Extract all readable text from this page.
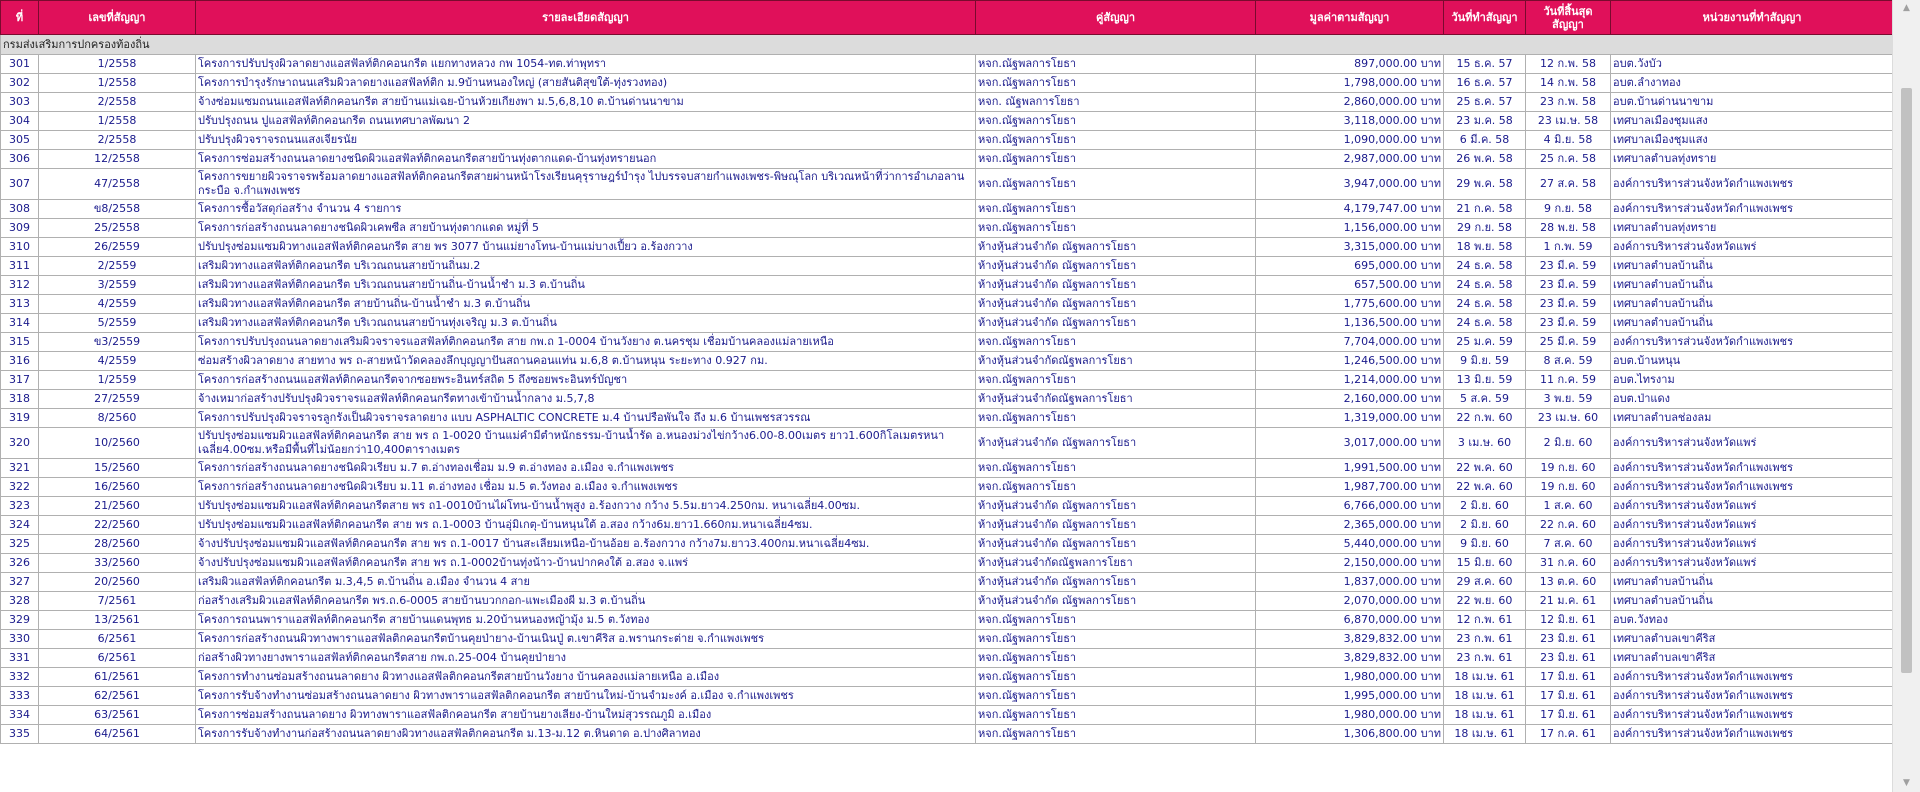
ที่	เลขที่สัญญา	รายละเอียดสัญญา	คู่สัญญา	มูลค่าตามสัญญา	วันที่ทำสัญญา	วันที่สิ้นสุดสัญญา	หน่วยงานที่ทำสัญญา
กรมส่งเสริมการปกครองท้องถิ่น							
301	1/2558	โครงการปรับปรุงผิวลาดยางแอสฟัลท์ติกคอนกรีต แยกทางหลวง กพ 1054-ทต.ท่าพุทรา	หจก.ณัฐพลการโยธา	897,000.00 บาท	15 ธ.ค. 57	12 ก.พ. 58	อบต.วังบัว
302	1/2558	โครงการบำรุงรักษาถนนเสริมผิวลาดยางแอสฟัลท์ติก ม.9บ้านหนองใหญ่ (สายสันติสุขใต้-ทุ่งรวงทอง)	หจก.ณัฐพลการโยธา	1,798,000.00 บาท	16 ธ.ค. 57	14 ก.พ. 58	อบต.ลำงาทอง
303	2/2558	จ้างซ่อมแซมถนนแอสฟัลท์ติกคอนกรีต สายบ้านแม่เฉย-บ้านห้วยเกียงพา ม.5,6,8,10 ต.บ้านด่านนาขาม	หจก. ณัฐพลการโยธา	2,860,000.00 บาท	25 ธ.ค. 57	23 ก.พ. 58	อบต.บ้านด่านนาขาม
304	1/2558	ปรับปรุงถนน ปูแอสฟัลท์ติกคอนกรีต ถนนเทศบาลพัฒนา 2	หจก.ณัฐพลการโยธา	3,118,000.00 บาท	23 ม.ค. 58	23 เม.ษ. 58	เทศบาลเมืองชุมแสง
305	2/2558	ปรับปรุงผิวจราจรถนนแสงเจียรนัย	หจก.ณัฐพลการโยธา	1,090,000.00 บาท	6 มี.ค. 58	4 มิ.ย. 58	เทศบาลเมืองชุมแสง
306	12/2558	โครงการซ่อมสร้างถนนลาดยางชนิดผิวแอสฟัลท์ติกคอนกรีตสายบ้านทุ่งตากแดด-บ้านทุ่งทรายนอก	หจก.ณัฐพลการโยธา	2,987,000.00 บาท	26 พ.ค. 58	25 ก.ค. 58	เทศบาลตำบลทุ่งทราย
307	47/2558	โครงการขยายผิวจราจรพร้อมลาดยางแอสฟัลท์ติกคอนกรีตสายผ่านหน้าโรงเรียนคุรุราษฎร์บำรุง ไปบรรจบสายกำแพงเพชร-พิษณุโลก บริเวณหน้าที่ว่าการอำเภอลานกระบือ จ.กำแพงเพชร	หจก.ณัฐพลการโยธา	3,947,000.00 บาท	29 พ.ค. 58	27 ส.ค. 58	องค์การบริหารส่วนจังหวัดกำแพงเพชร
308	ข8/2558	โครงการซื้อวัสดุก่อสร้าง จำนวน 4 รายการ	หจก.ณัฐพลการโยธา	4,179,747.00 บาท	21 ก.ค. 58	9 ก.ย. 58	องค์การบริหารส่วนจังหวัดกำแพงเพชร
309	25/2558	โครงการก่อสร้างถนนลาดยางชนิดผิวเคพซีล สายบ้านทุ่งตากแดด หมู่ที่ 5	หจก.ณัฐพลการโยธา	1,156,000.00 บาท	29 ก.ย. 58	28 พ.ย. 58	เทศบาลตำบลทุ่งทราย
310	26/2559	ปรับปรุงซ่อมแซมผิวทางแอสฟัลท์ติกคอนกรีต สาย พร 3077 บ้านแม่ยางโทน-บ้านแม่บางเปี้ยว อ.ร้องกวาง	ห้างหุ้นส่วนจำกัด ณัฐพลการโยธา	3,315,000.00 บาท	18 พ.ย. 58	1 ก.พ. 59	องค์การบริหารส่วนจังหวัดแพร่
311	2/2559	เสริมผิวทางแอสฟัลท์ติกคอนกรีต บริเวณถนนสายบ้านถิ่นม.2	ห้างหุ้นส่วนจำกัด ณัฐพลการโยธา	695,000.00 บาท	24 ธ.ค. 58	23 มี.ค. 59	เทศบาลตำบลบ้านถิ่น
312	3/2559	เสริมผิวทางแอสฟัลท์ติกคอนกรีต บริเวณถนนสายบ้านถิ่น-บ้านน้ำชำ ม.3 ต.บ้านถิ่น	ห้างหุ้นส่วนจำกัด ณัฐพลการโยธา	657,500.00 บาท	24 ธ.ค. 58	23 มี.ค. 59	เทศบาลตำบลบ้านถิ่น
313	4/2559	เสริมผิวทางแอสฟัลท์ติกคอนกรีต สายบ้านถิ่น-บ้านน้ำชำ ม.3 ต.บ้านถิ่น	ห้างหุ้นส่วนจำกัด ณัฐพลการโยธา	1,775,600.00 บาท	24 ธ.ค. 58	23 มี.ค. 59	เทศบาลตำบลบ้านถิ่น
314	5/2559	เสริมผิวทางแอสฟัลท์ติกคอนกรีต บริเวณถนนสายบ้านทุ่งเจริญ ม.3 ต.บ้านถิ่น	ห้างหุ้นส่วนจำกัด ณัฐพลการโยธา	1,136,500.00 บาท	24 ธ.ค. 58	23 มี.ค. 59	เทศบาลตำบลบ้านถิ่น
315	ข3/2559	โครงการปรับปรุงถนนลาดยางเสริมผิวจราจรแอสฟัลท์ติกคอนกรีต สาย กพ.ถ 1-0004 บ้านวังยาง ต.นครชุม เชื่อมบ้านคลองแม่ลายเหนือ	หจก.ณัฐพลการโยธา	7,704,000.00 บาท	25 ม.ค. 59	25 มี.ค. 59	องค์การบริหารส่วนจังหวัดกำแพงเพชร
316	4/2559	ซ่อมสร้างผิวลาดยาง สายทาง พร ถ-สายหน้าวัดคลองลึกบุญญาปันสถานคอนแท่น ม.6,8 ต.บ้านหนุน ระยะทาง 0.927 กม.	ห้างหุ้นส่วนจำกัดณัฐพลการโยธา	1,246,500.00 บาท	9 มิ.ย. 59	8 ส.ค. 59	อบต.บ้านหนุน
317	1/2559	โครงการก่อสร้างถนนแอสฟัลท์ติกคอนกรีตจากซอยพระอินทร์สถิต 5 ถึงซอยพระอินทร์บัญชา	หจก.ณัฐพลการโยธา	1,214,000.00 บาท	13 มิ.ย. 59	11 ก.ค. 59	อบต.ไทรงาม
318	27/2559	จ้างเหมาก่อสร้างปรับปรุงผิวจราจรแอสฟัลท์ติกคอนกรีตทางเข้าบ้านน้ำกลาง ม.5,7,8	ห้างหุ้นส่วนจำกัดณัฐพลการโยธา	2,160,000.00 บาท	5 ส.ค. 59	3 พ.ย. 59	อบต.ป่าแดง
319	8/2560	โครงการปรับปรุงผิวจราจรลูกรังเป็นผิวจราจรลาดยาง แบบ ASPHALTIC CONCRETE ม.4 บ้านปรือพันใจ ถึง ม.6 บ้านเพชรสวรรณ	หจก.ณัฐพลการโยธา	1,319,000.00 บาท	22 ก.พ. 60	23 เม.ษ. 60	เทศบาลตำบลช่องลม
320	10/2560	ปรับปรุงซ่อมแซมผิวแอสฟัลท์ติกคอนกรีต สาย พร ถ 1-0020 บ้านแม่คำมีตำหนักธรรม-บ้านน้ำรัด อ.หนองม่วงไข่กว้าง6.00-8.00เมตร ยาว1.600กิโลเมตรหนาเฉลี่ย4.00ซม.หรือมีพื้นที่ไม่น้อยกว่า10,400ตารางเมตร	ห้างหุ้นส่วนจำกัด ณัฐพลการโยธา	3,017,000.00 บาท	3 เม.ษ. 60	2 มิ.ย. 60	องค์การบริหารส่วนจังหวัดแพร่
321	15/2560	โครงการก่อสร้างถนนลาดยางชนิดผิวเรียบ ม.7 ต.อ่างทองเชื่อม ม.9 ต.อ่างทอง อ.เมือง จ.กำแพงเพชร	หจก.ณัฐพลการโยธา	1,991,500.00 บาท	22 พ.ค. 60	19 ก.ย. 60	องค์การบริหารส่วนจังหวัดกำแพงเพชร
322	16/2560	โครงการก่อสร้างถนนลาดยางชนิดผิวเรียบ ม.11 ต.อ่างทอง เชื่อม ม.5 ต.วังทอง อ.เมือง จ.กำแพงเพชร	หจก.ณัฐพลการโยธา	1,987,700.00 บาท	22 พ.ค. 60	19 ก.ย. 60	องค์การบริหารส่วนจังหวัดกำแพงเพชร
323	21/2560	ปรับปรุงซ่อมแซมผิวแอสฟัลท์ติกคอนกรีตสาย พร ถ1-0010บ้านไผ่โทน-บ้านน้ำพุสูง อ.ร้องกวาง กว้าง 5.5ม.ยาว4.250กม. หนาเฉลี่ย4.00ซม.	ห้างหุ้นส่วนจำกัด ณัฐพลการโยธา	6,766,000.00 บาท	2 มิ.ย. 60	1 ส.ค. 60	องค์การบริหารส่วนจังหวัดแพร่
324	22/2560	ปรับปรุงซ่อมแซมผิวแอสฟัลท์ติกคอนกรีต สาย พร ถ.1-0003 บ้านอุ่มิเกตุ-บ้านหนุนใต้ อ.สอง กว้าง6ม.ยาว1.660กม.หนาเฉลี่ย4ซม.	ห้างหุ้นส่วนจำกัด ณัฐพลการโยธา	2,365,000.00 บาท	2 มิ.ย. 60	22 ก.ค. 60	องค์การบริหารส่วนจังหวัดแพร่
325	28/2560	จ้างปรับปรุงซ่อมแซมผิวแอสฟัลท์ติกคอนกรีต สาย พร ถ.1-0017 บ้านสะเลียมเหนือ-บ้านอ้อย อ.ร้องกวาง กว้าง7ม.ยาว3.400กม.หนาเฉลี่ย4ซม.	ห้างหุ้นส่วนจำกัด ณัฐพลการโยธา	5,440,000.00 บาท	9 มิ.ย. 60	7 ส.ค. 60	องค์การบริหารส่วนจังหวัดแพร่
326	33/2560	จ้างปรับปรุงซ่อมแซมผิวแอสฟัลท์ติกคอนกรีต สาย พร ถ.1-0002บ้านทุ่งน้าว-บ้านปากคงใต้ อ.สอง จ.แพร่	ห้างหุ้นส่วนจำกัดณัฐพลการโยธา	2,150,000.00 บาท	15 มิ.ย. 60	31 ก.ค. 60	องค์การบริหารส่วนจังหวัดแพร่
327	20/2560	เสริมผิวแอสฟัลท์ติกคอนกรีต ม.3,4,5 ต.บ้านถิ่น อ.เมือง จำนวน 4 สาย	ห้างหุ้นส่วนจำกัด ณัฐพลการโยธา	1,837,000.00 บาท	29 ส.ค. 60	13 ต.ค. 60	เทศบาลตำบลบ้านถิ่น
328	7/2561	ก่อสร้างเสริมผิวแอสฟัลท์ติกคอนกรีต พร.ถ.6-0005 สายบ้านบวกกอก-แพะเมืองผี ม.3 ต.บ้านถิ่น	ห้างหุ้นส่วนจำกัด ณัฐพลการโยธา	2,070,000.00 บาท	22 พ.ย. 60	21 ม.ค. 61	เทศบาลตำบลบ้านถิ่น
329	13/2561	โครงการถนนพาราแอสฟัลท์ติกคอนกรีต สายบ้านแดนพุทธ ม.20บ้านหนองหญ้ามุ้ง ม.5 ต.วังทอง	หจก.ณัฐพลการโยธา	6,870,000.00 บาท	12 ก.พ. 61	12 มิ.ย. 61	อบต.วังทอง
330	6/2561	โครงการก่อสร้างถนนผิวทางพาราแอสฟัลติกคอนกรีตบ้านคุยป่ายาง-บ้านเนินปู่ ต.เขาคีริส อ.พรานกระต่าย จ.กำแพงเพชร	หจก.ณัฐพลการโยธา	3,829,832.00 บาท	23 ก.พ. 61	23 มิ.ย. 61	เทศบาลตำบลเขาคีริส
331	6/2561	ก่อสร้างผิวทางยางพาราแอสฟัลท์ติกคอนกรีตสาย กพ.ถ.25-004 บ้านคุยป่ายาง	หจก.ณัฐพลการโยธา	3,829,832.00 บาท	23 ก.พ. 61	23 มิ.ย. 61	เทศบาลตำบลเขาคีริส
332	61/2561	โครงการทำงานซ่อมสร้างถนนลาดยาง ผิวทางแอสฟัลติกคอนกรีตสายบ้านวังยาง บ้านคลองแม่ลายเหนือ อ.เมือง	หจก.ณัฐพลการโยธา	1,980,000.00 บาท	18 เม.ษ. 61	17 มิ.ย. 61	องค์การบริหารส่วนจังหวัดกำแพงเพชร
333	62/2561	โครงการรับจ้างทำงานซ่อมสร้างถนนลาดยาง ผิวทางพาราแอสฟัลติกคอนกรีต สายบ้านใหม่-บ้านจำมะงค์ อ.เมือง จ.กำแพงเพชร	หจก.ณัฐพลการโยธา	1,995,000.00 บาท	18 เม.ษ. 61	17 มิ.ย. 61	องค์การบริหารส่วนจังหวัดกำแพงเพชร
334	63/2561	โครงการซ่อมสร้างถนนลาดยาง ผิวทางพาราแอสฟัลติกคอนกรีต สายบ้านยางเลียง-บ้านใหม่สุวรรณภูมิ อ.เมือง	หจก.ณัฐพลการโยธา	1,980,000.00 บาท	18 เม.ษ. 61	17 มิ.ย. 61	องค์การบริหารส่วนจังหวัดกำแพงเพชร
335	64/2561	โครงการรับจ้างทำงานก่อสร้างถนนลาดยางผิวทางแอสฟัลติกคอนกรีต ม.13-ม.12 ต.หินดาด อ.ปางศิลาทอง	หจก.ณัฐพลการโยธา	1,306,800.00 บาท	18 เม.ษ. 61	17 ก.ค. 61	องค์การบริหารส่วนจังหวัดกำแพงเพชร
▲
▼
